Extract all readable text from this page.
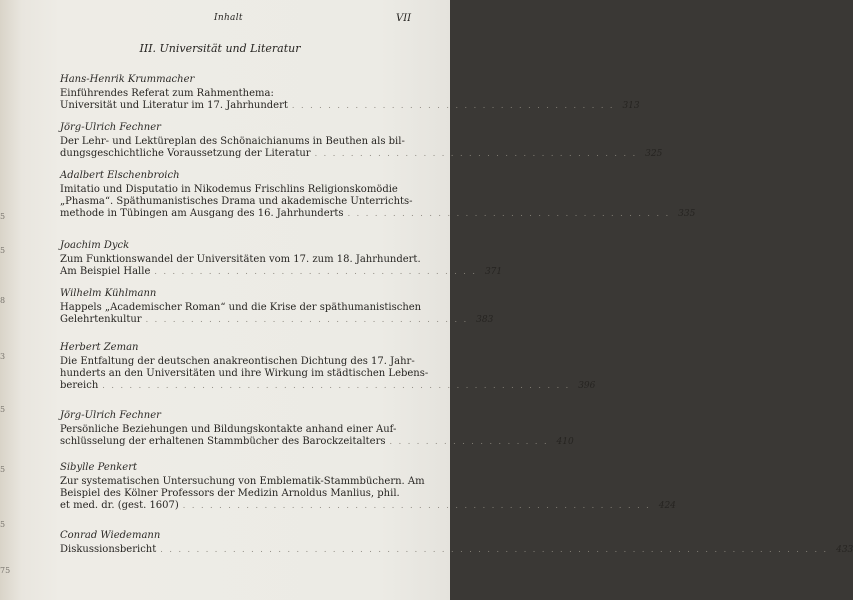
5
5
8
3
5
5
5
75
Inhalt	VII
III. Universität und Literatur
Hans-Henrik Krummacher
Einführendes Referat zum Rahmenthema:
Universität und Literatur im 17. Jahrhundert . . . . . . . . . . . . . . . . . . . . . . . . . . . . . . . . . . . . 313
Jörg-Ulrich Fechner
Der Lehr- und Lektüreplan des Schönaichianums in Beuthen als bil-
dungsgeschichtliche Voraussetzung der Literatur . . . . . . . . . . . . . . . . . . . . . . . . . . . . . . . . . . . . 325
Adalbert Elschenbroich
Imitatio und Disputatio in Nikodemus Frischlins Religionskomödie
„Phasma“. Späthumanistisches Drama und akademische Unterrichts-
methode in Tübingen am Ausgang des 16. Jahrhunderts . . . . . . . . . . . . . . . . . . . . . . . . . . . . . . . . . . . . 335
Joachim Dyck
Zum Funktionswandel der Universitäten vom 17. zum 18. Jahrhundert.
Am Beispiel Halle . . . . . . . . . . . . . . . . . . . . . . . . . . . . . . . . . . . . 371
Wilhelm Kühlmann
Happels „Academischer Roman“ und die Krise der späthumanistischen
Gelehrtenkultur . . . . . . . . . . . . . . . . . . . . . . . . . . . . . . . . . . . . 383
Herbert Zeman
Die Entfaltung der deutschen anakreontischen Dichtung des 17. Jahr-
hunderts an den Universitäten und ihre Wirkung im städtischen Lebens-
bereich . . . . . . . . . . . . . . . . . . . . . . . . . . . . . . . . . . . . . . . . . . . . . . . . . . . . 396
Jörg-Ulrich Fechner
Persönliche Beziehungen und Bildungskontakte anhand einer Auf-
schlüsselung der erhaltenen Stammbücher des Barockzeitalters . . . . . . . . . . . . . . . . . . 410
Sibylle Penkert
Zur systematischen Untersuchung von Emblematik-Stammbüchern. Am
Beispiel des Kölner Professors der Medizin Arnoldus Manlius, phil.
et med. dr. (gest. 1607) . . . . . . . . . . . . . . . . . . . . . . . . . . . . . . . . . . . . . . . . . . . . . . . . . . . . 424
Conrad Wiedemann
Diskussionsbericht . . . . . . . . . . . . . . . . . . . . . . . . . . . . . . . . . . . . . . . . . . . . . . . . . . . . . . . . . . . . . . . . . . . . . . . . . . 433
